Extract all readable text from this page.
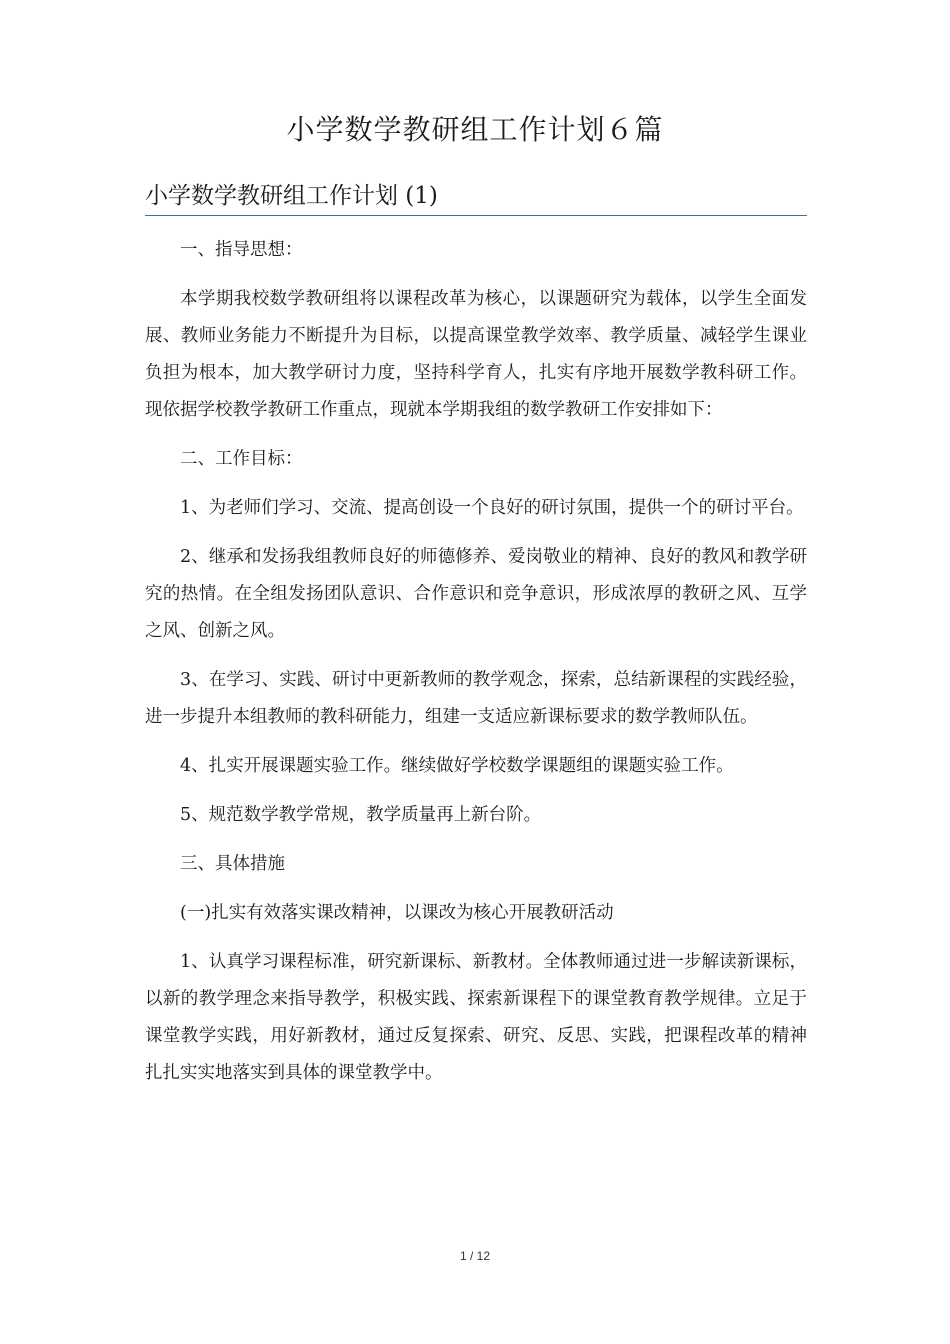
小学数学教研组工作计划６篇
小学数学教研组工作计划 (1)

一、指导思想：

本学期我校数学教研组将以课程改革为核心，以课题研究为载体，以学生全面发展、教师业务能力不断提升为目标，以提高课堂教学效率、教学质量、减轻学生课业负担为根本，加大教学研讨力度，坚持科学育人，扎实有序地开展数学教科研工作。现依据学校教学教研工作重点，现就本学期我组的数学教研工作安排如下：

二、工作目标：

1、为老师们学习、交流、提高创设一个良好的研讨氛围，提供一个的研讨平台。

2、继承和发扬我组教师良好的师德修养、爱岗敬业的精神、良好的教风和教学研究的热情。在全组发扬团队意识、合作意识和竞争意识，形成浓厚的教研之风、互学之风、创新之风。

3、在学习、实践、研讨中更新教师的教学观念，探索，总结新课程的实践经验，进一步提升本组教师的教科研能力，组建一支适应新课标要求的数学教师队伍。

4、扎实开展课题实验工作。继续做好学校数学课题组的课题实验工作。

5、规范数学教学常规，教学质量再上新台阶。

三、具体措施

(一)扎实有效落实课改精神，以课改为核心开展教研活动

1、认真学习课程标准，研究新课标、新教材。全体教师通过进一步解读新课标，以新的教学理念来指导教学，积极实践、探索新课程下的课堂教育教学规律。立足于课堂教学实践，用好新教材，通过反复探索、研究、反思、实践，把课程改革的精神扎扎实实地落实到具体的课堂教学中。

1 / 12
